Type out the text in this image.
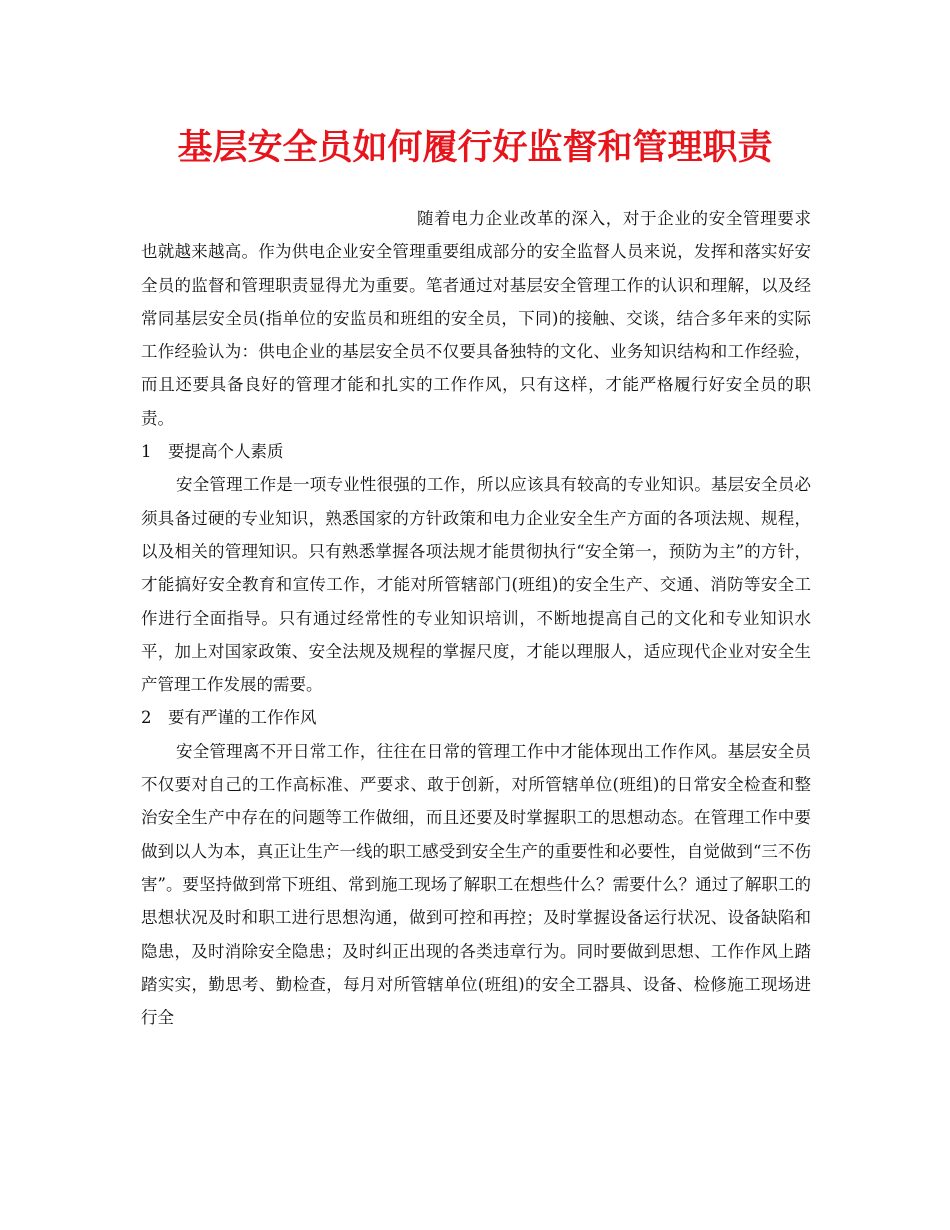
基层安全员如何履行好监督和管理职责

随着电力企业改革的深入，对于企业的安全管理要求也就越来越高。作为供电企业安全管理重要组成部分的安全监督人员来说，发挥和落实好安全员的监督和管理职责显得尤为重要。笔者通过对基层安全管理工作的认识和理解，以及经常同基层安全员(指单位的安监员和班组的安全员，下同)的接触、交谈，结合多年来的实际工作经验认为：供电企业的基层安全员不仅要具备独特的文化、业务知识结构和工作经验，而且还要具备良好的管理才能和扎实的工作作风，只有这样，才能严格履行好安全员的职责。

1　要提高个人素质

安全管理工作是一项专业性很强的工作，所以应该具有较高的专业知识。基层安全员必须具备过硬的专业知识，熟悉国家的方针政策和电力企业安全生产方面的各项法规、规程，以及相关的管理知识。只有熟悉掌握各项法规才能贯彻执行“安全第一，预防为主”的方针，才能搞好安全教育和宣传工作，才能对所管辖部门(班组)的安全生产、交通、消防等安全工作进行全面指导。只有通过经常性的专业知识培训，不断地提高自己的文化和专业知识水平，加上对国家政策、安全法规及规程的掌握尺度，才能以理服人，适应现代企业对安全生产管理工作发展的需要。

2　要有严谨的工作作风

安全管理离不开日常工作，往往在日常的管理工作中才能体现出工作作风。基层安全员不仅要对自己的工作高标准、严要求、敢于创新，对所管辖单位(班组)的日常安全检查和整治安全生产中存在的问题等工作做细，而且还要及时掌握职工的思想动态。在管理工作中要做到以人为本，真正让生产一线的职工感受到安全生产的重要性和必要性，自觉做到“三不伤害”。要坚持做到常下班组、常到施工现场了解职工在想些什么？需要什么？通过了解职工的思想状况及时和职工进行思想沟通，做到可控和再控；及时掌握设备运行状况、设备缺陷和隐患，及时消除安全隐患；及时纠正出现的各类违章行为。同时要做到思想、工作作风上踏踏实实，勤思考、勤检查，每月对所管辖单位(班组)的安全工器具、设备、检修施工现场进行全
